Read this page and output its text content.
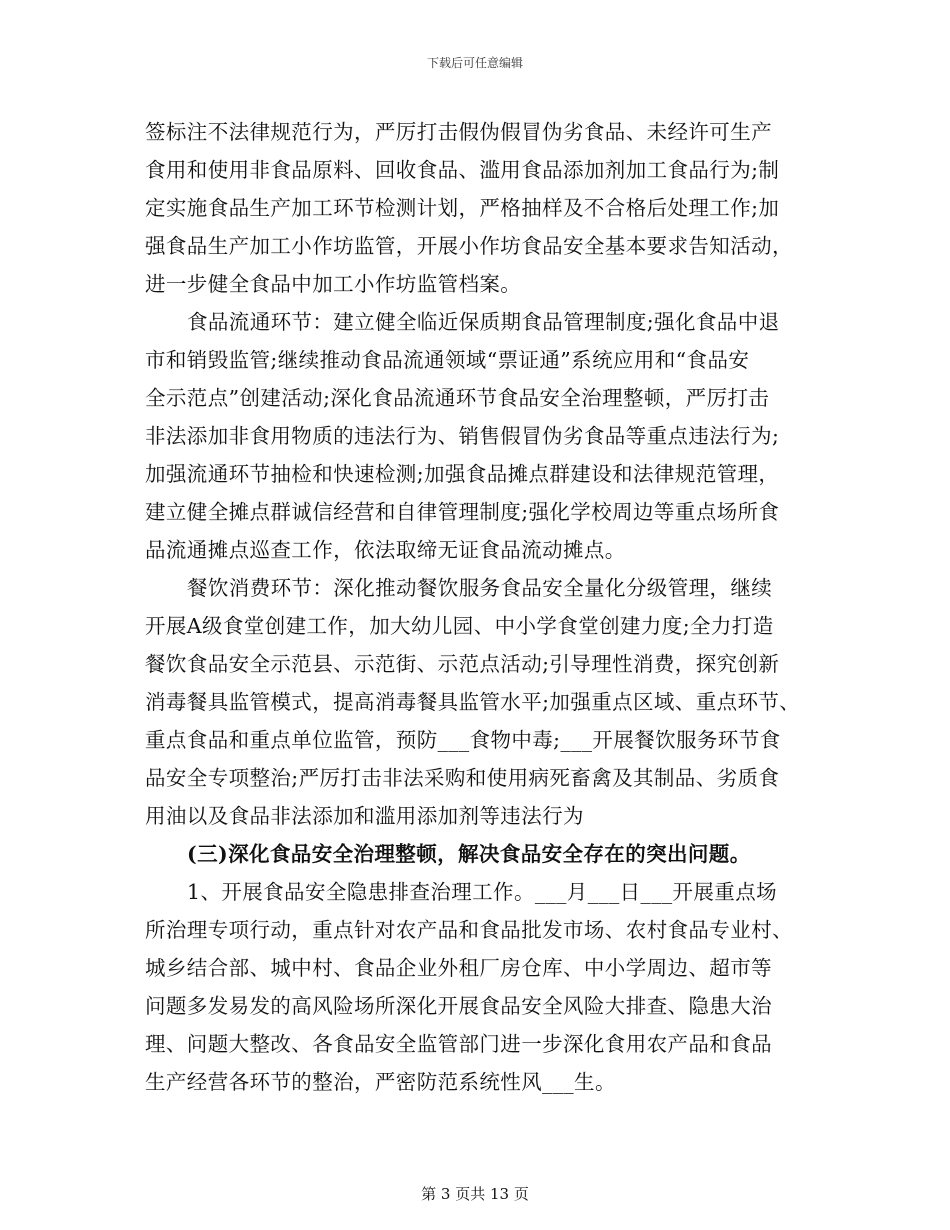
下载后可任意编辑
签标注不法律规范行为，严厉打击假伪假冒伪劣食品、未经许可生产
食用和使用非食品原料、回收食品、滥用食品添加剂加工食品行为;制
定实施食品生产加工环节检测计划，严格抽样及不合格后处理工作;加
强食品生产加工小作坊监管，开展小作坊食品安全基本要求告知活动，
进一步健全食品中加工小作坊监管档案。
食品流通环节：建立健全临近保质期食品管理制度;强化食品中退
市和销毁监管;继续推动食品流通领域“票证通”系统应用和“食品安
全示范点”创建活动;深化食品流通环节食品安全治理整顿，严厉打击
非法添加非食用物质的违法行为、销售假冒伪劣食品等重点违法行为;
加强流通环节抽检和快速检测;加强食品摊点群建设和法律规范管理，
建立健全摊点群诚信经营和自律管理制度;强化学校周边等重点场所食
品流通摊点巡查工作，依法取缔无证食品流动摊点。
餐饮消费环节：深化推动餐饮服务食品安全量化分级管理，继续
开展A级食堂创建工作，加大幼儿园、中小学食堂创建力度;全力打造
餐饮食品安全示范县、示范街、示范点活动;引导理性消费，探究创新
消毒餐具监管模式，提高消毒餐具监管水平;加强重点区域、重点环节、
重点食品和重点单位监管，预防___食物中毒;___开展餐饮服务环节食
品安全专项整治;严厉打击非法采购和使用病死畜禽及其制品、劣质食
用油以及食品非法添加和滥用添加剂等违法行为
(三)深化食品安全治理整顿，解决食品安全存在的突出问题。
1、开展食品安全隐患排查治理工作。___月___日___开展重点场
所治理专项行动，重点针对农产品和食品批发市场、农村食品专业村、
城乡结合部、城中村、食品企业外租厂房仓库、中小学周边、超市等
问题多发易发的高风险场所深化开展食品安全风险大排查、隐患大治
理、问题大整改、各食品安全监管部门进一步深化食用农产品和食品
生产经营各环节的整治，严密防范系统性风___生。
第 3 页共 13 页
